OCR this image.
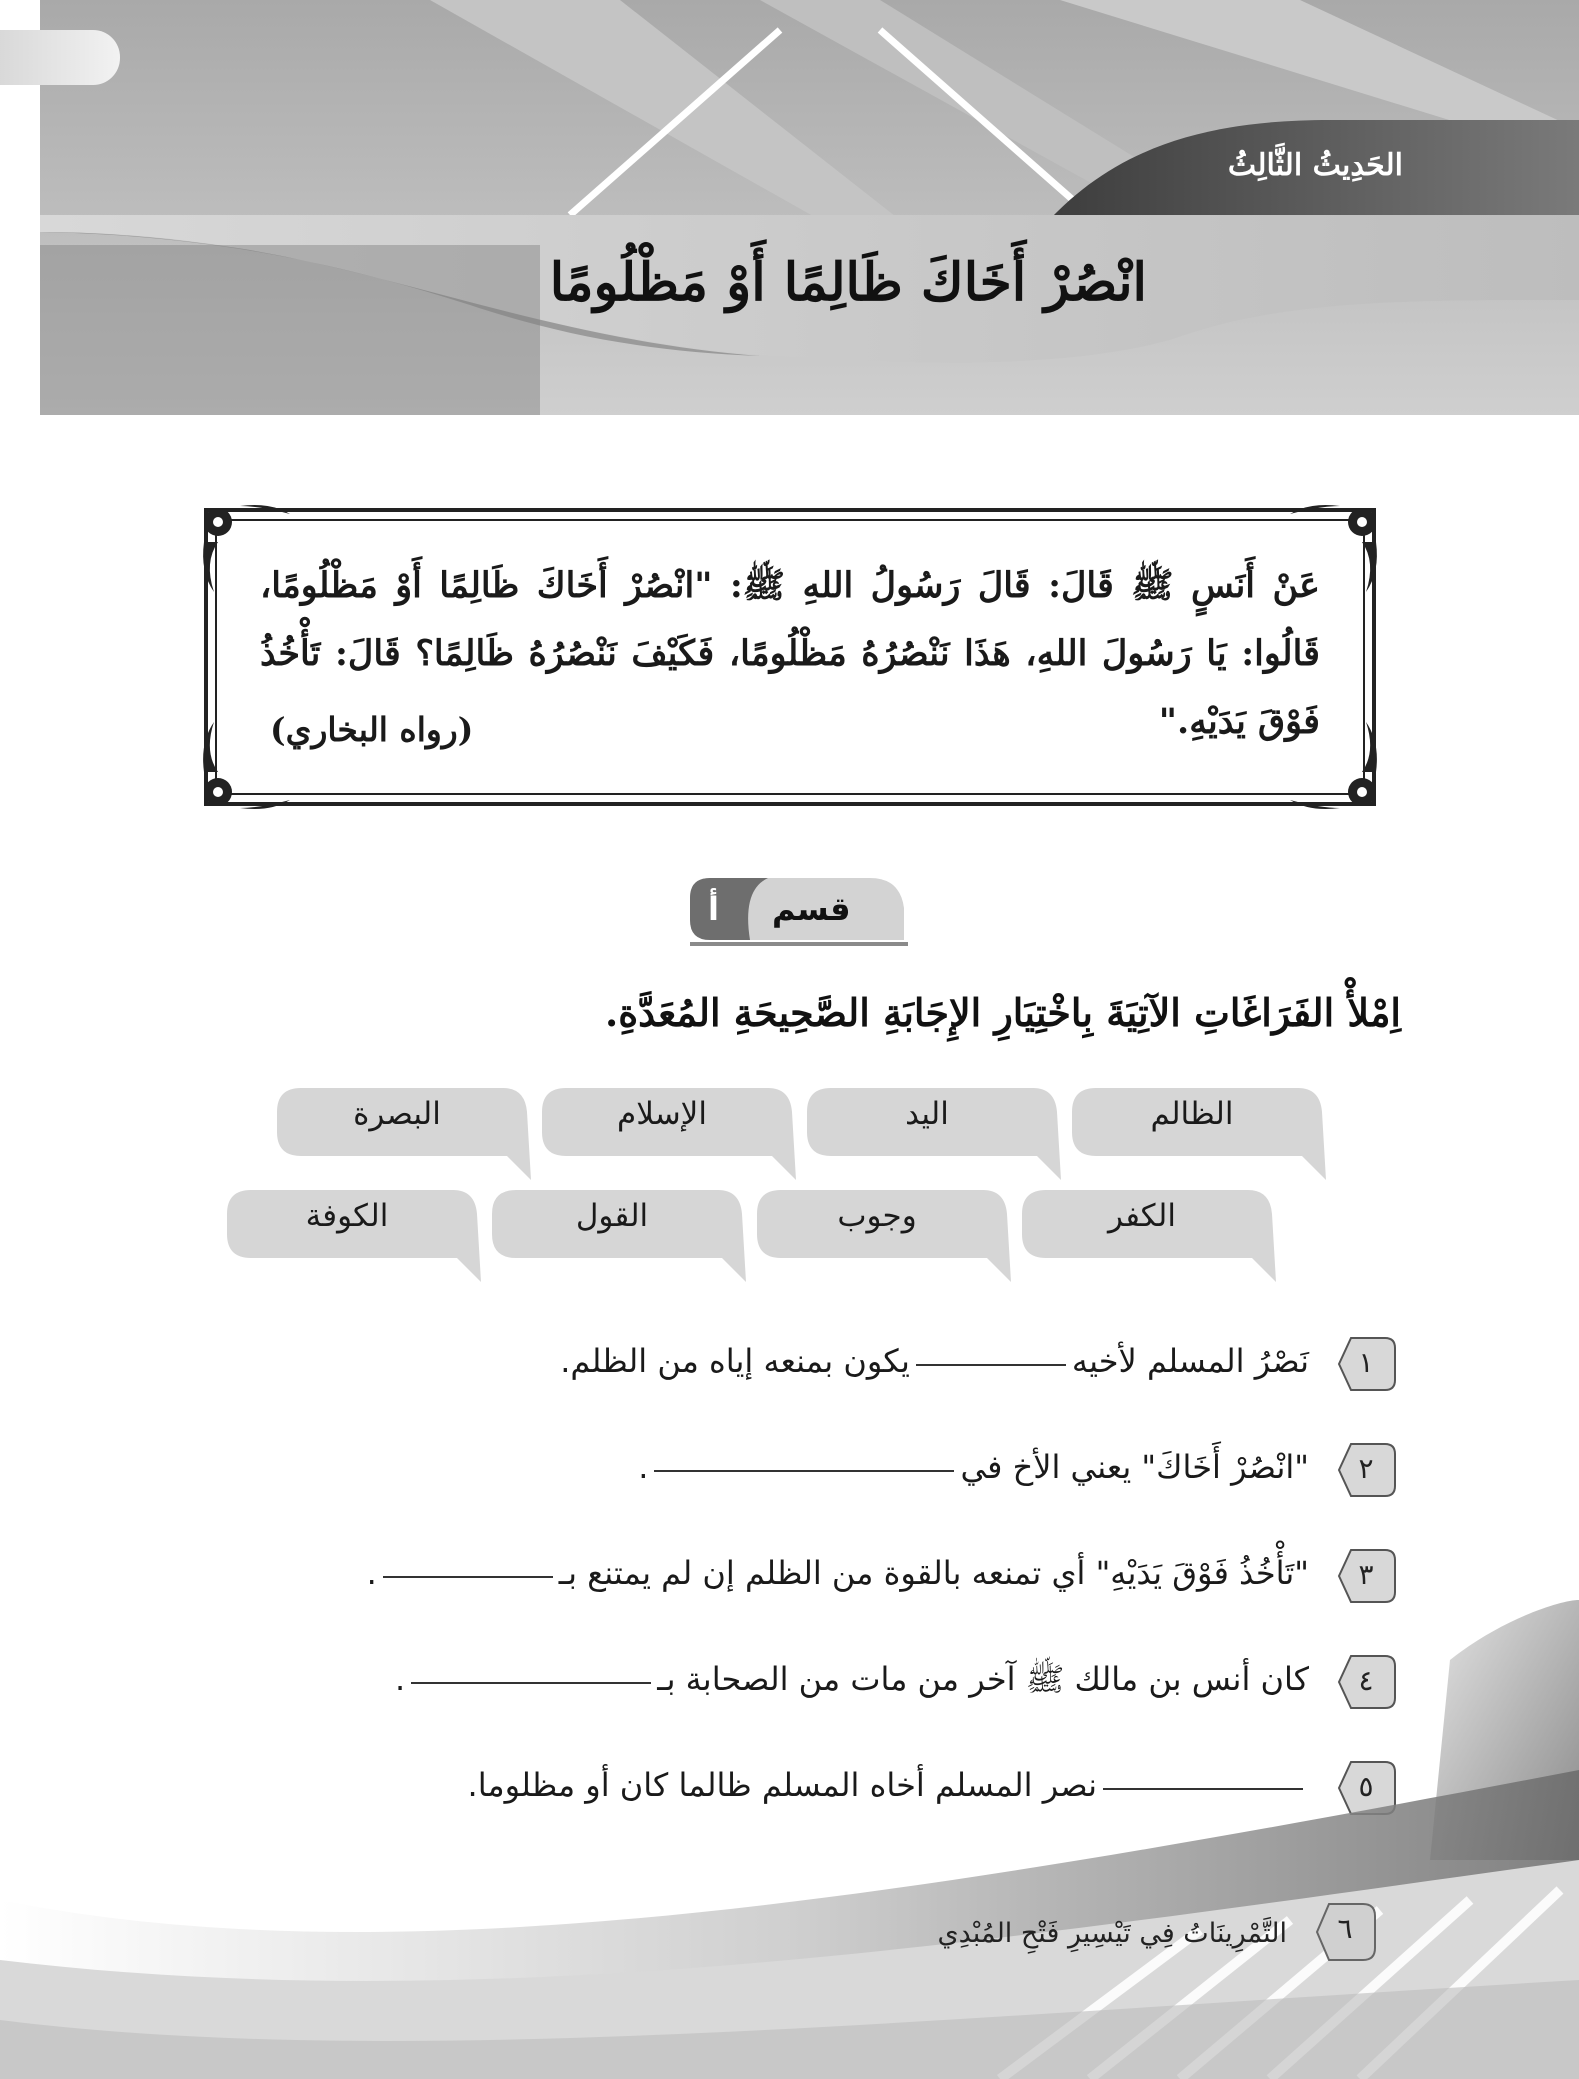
الحَدِيثُ الثَّالِثُ
انْصُرْ أَخَاكَ ظَالِمًا أَوْ مَظْلُومًا
عَنْ أَنَسٍ ﷺ قَالَ: قَالَ رَسُولُ اللهِ ﷺ: "انْصُرْ أَخَاكَ ظَالِمًا أَوْ مَظْلُومًا، قَالُوا: يَا رَسُولَ اللهِ، هَذَا نَنْصُرُهُ مَظْلُومًا، فَكَيْفَ نَنْصُرُهُ ظَالِمًا؟ قَالَ: تَأْخُذُ فَوْقَ يَدَيْهِ."
(رواه البخاري)
قسم
أ
اِمْلأْ الفَرَاغَاتِ الآتِيَةَ بِاخْتِيَارِ الإِجَابَةِ الصَّحِيحَةِ المُعَدَّةِ.
الظالم
اليد
الإسلام
البصرة
الكفر
وجوب
القول
الكوفة
١
نَصْرُ المسلم لأخيهيكون بمنعه إياه من الظلم.
٢
"انْصُرْ أَخَاكَ" يعني الأخ في.
٣
"تَأْخُذُ فَوْقَ يَدَيْهِ" أي تمنعه بالقوة من الظلم إن لم يمتنع بـ.
٤
كان أنس بن مالك ﷺ آخر من مات من الصحابة بـ.
٥
نصر المسلم أخاه المسلم ظالما كان أو مظلوما.
٦
التَّمْرِينَاتُ فِي تَيْسِيرِ فَتْحِ المُبْدِي
